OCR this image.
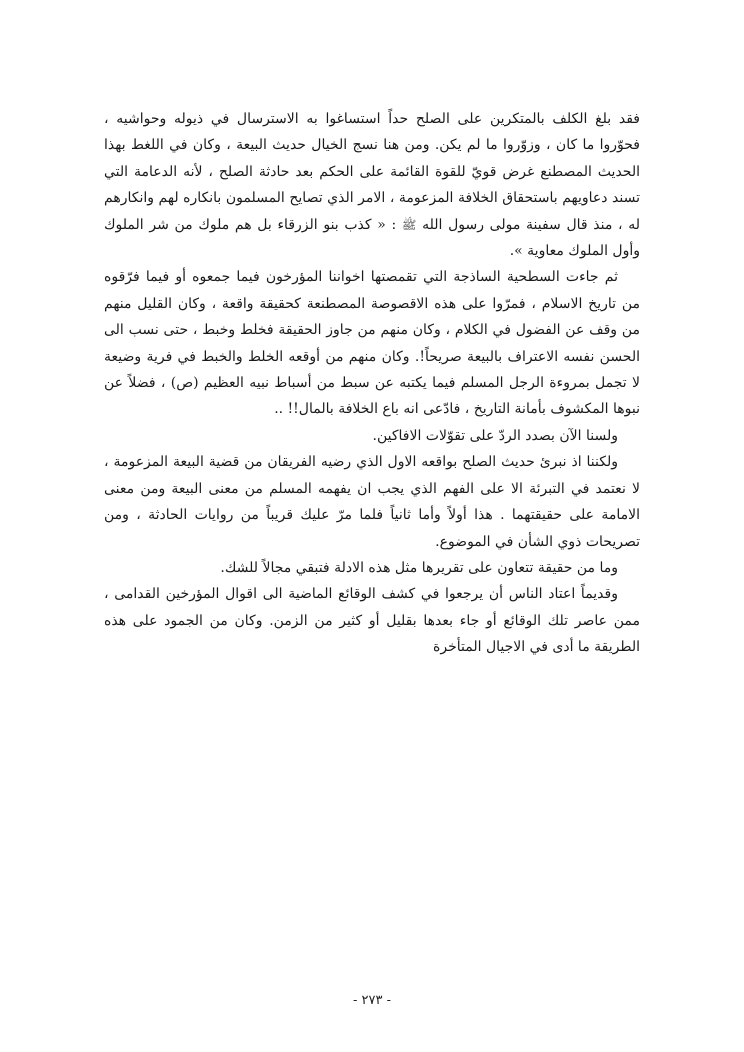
فقد بلغ الكلف بالمتكرين على الصلح حداً استساغوا به الاسترسال في ذيوله وحواشيه ، فحوّروا ما كان ، وزوّروا ما لم يكن. ومن هنا نسج الخيال حديث البيعة ، وكان في اللغط بهذا الحديث المصطنع غرض قويّ للقوة القائمة على الحكم بعد حادثة الصلح ، لأنه الدعامة التي تسند دعاويهم باستحقاق الخلافة المزعومة ، الامر الذي تصايح المسلمون بانكاره لهم وانكارهم له ، منذ قال سفينة مولى رسول الله ﷺ : « كذب بنو الزرقاء بل هم ملوك من شر الملوك وأول الملوك معاوية ».

ثم جاءت السطحية الساذجة التي تقمصتها اخواننا المؤرخون فيما جمعوه أو فيما فرّقوه من تاريخ الاسلام ، فمرّوا على هذه الاقصوصة المصطنعة كحقيقة واقعة ، وكان القليل منهم من وقف عن الفضول في الكلام ، وكان منهم من جاوز الحقيقة فخلط وخبط ، حتى نسب الى الحسن نفسه الاعتراف بالبيعة صريحاً!. وكان منهم من أوقعه الخلط والخبط في فرية وضيعة لا تجمل بمروءة الرجل المسلم فيما يكتبه عن سبط من أسباط نبيه العظيم (ص) ، فضلاً عن نبوها المكشوف بأمانة التاريخ ، فادّعى انه باع الخلافة بالمال!! ..

ولسنا الآن بصدد الردّ على تقوّلات الافاكين.

ولكننا اذ نبرئ حديث الصلح بواقعه الاول الذي رضيه الفريقان من قضية البيعة المزعومة ، لا نعتمد في التبرئة الا على الفهم الذي يجب ان يفهمه المسلم من معنى البيعة ومن معنى الامامة على حقيقتهما . هذا أولاً وأما ثانياً فلما مرّ عليك قريباً من روايات الحادثة ، ومن تصريحات ذوي الشأن في الموضوع.

وما من حقيقة تتعاون على تقريرها مثل هذه الادلة فتبقي مجالاً للشك.

وقديماً اعتاد الناس أن يرجعوا في كشف الوقائع الماضية الى اقوال المؤرخين القدامى ، ممن عاصر تلك الوقائع أو جاء بعدها بقليل أو كثير من الزمن. وكان من الجمود على هذه الطريقة ما أدى في الاجيال المتأخرة

- ٢٧٣ -
